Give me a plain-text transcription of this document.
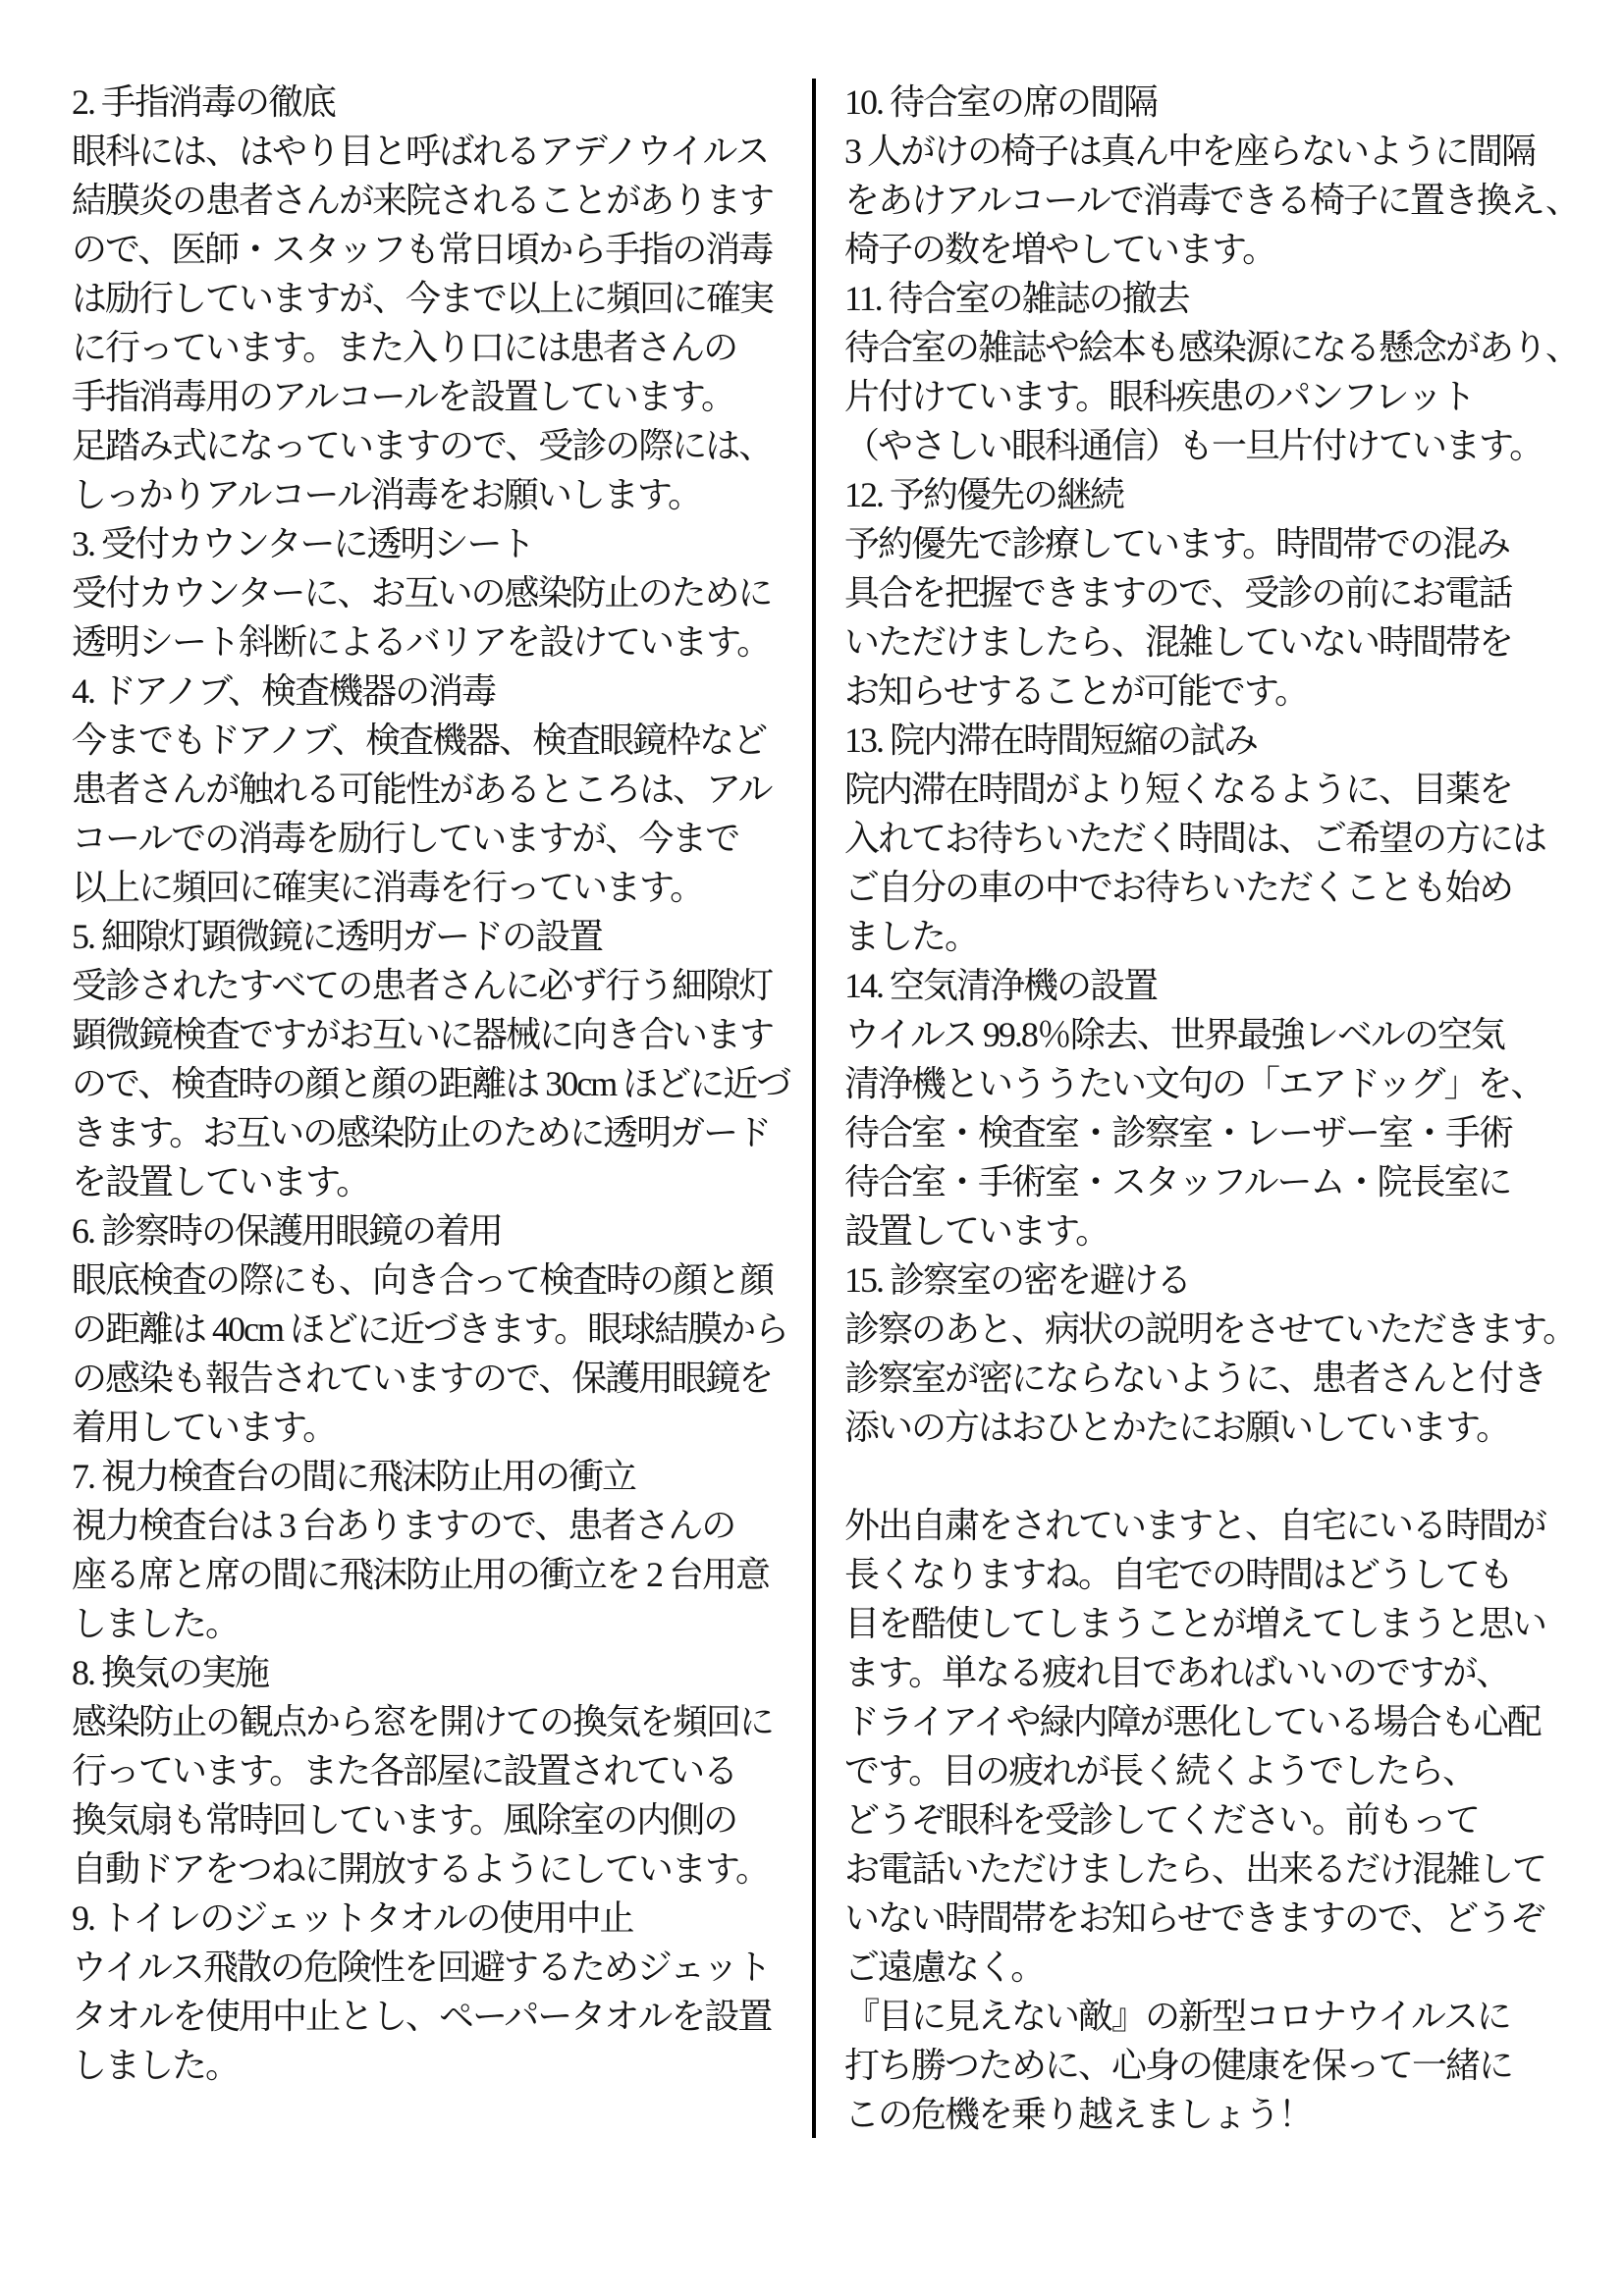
2. 手指消毒の徹底
眼科には、はやり目と呼ばれるアデノウイルス
結膜炎の患者さんが来院されることがあります
ので、医師・スタッフも常日頃から手指の消毒
は励行していますが、今まで以上に頻回に確実
に行っています。また入り口には患者さんの
手指消毒用のアルコールを設置しています。
足踏み式になっていますので、受診の際には、
しっかりアルコール消毒をお願いします。
3. 受付カウンターに透明シート
受付カウンターに、お互いの感染防止のために
透明シート斜断によるバリアを設けています。
4. ドアノブ、検査機器の消毒
今までもドアノブ、検査機器、検査眼鏡枠など
患者さんが触れる可能性があるところは、アル
コールでの消毒を励行していますが、今まで
以上に頻回に確実に消毒を行っています。
5. 細隙灯顕微鏡に透明ガードの設置
受診されたすべての患者さんに必ず行う細隙灯
顕微鏡検査ですがお互いに器械に向き合います
ので、検査時の顔と顔の距離は 30cm ほどに近づ
きます。お互いの感染防止のために透明ガード
を設置しています。
6. 診察時の保護用眼鏡の着用
眼底検査の際にも、向き合って検査時の顔と顔
の距離は 40cm ほどに近づきます。眼球結膜から
の感染も報告されていますので、保護用眼鏡を
着用しています。
7. 視力検査台の間に飛沫防止用の衝立
視力検査台は 3 台ありますので、患者さんの
座る席と席の間に飛沫防止用の衝立を 2 台用意
しました。
8. 換気の実施
感染防止の観点から窓を開けての換気を頻回に
行っています。また各部屋に設置されている
換気扇も常時回しています。風除室の内側の
自動ドアをつねに開放するようにしています。
9. トイレのジェットタオルの使用中止
ウイルス飛散の危険性を回避するためジェット
タオルを使用中止とし、ペーパータオルを設置
しました。
10. 待合室の席の間隔
3 人がけの椅子は真ん中を座らないように間隔
をあけアルコールで消毒できる椅子に置き換え、
椅子の数を増やしています。
11. 待合室の雑誌の撤去
待合室の雑誌や絵本も感染源になる懸念があり、
片付けています。眼科疾患のパンフレット
（やさしい眼科通信）も一旦片付けています。
12. 予約優先の継続
予約優先で診療しています。時間帯での混み
具合を把握できますので、受診の前にお電話
いただけましたら、混雑していない時間帯を
お知らせすることが可能です。
13. 院内滞在時間短縮の試み
院内滞在時間がより短くなるように、目薬を
入れてお待ちいただく時間は、ご希望の方には
ご自分の車の中でお待ちいただくことも始め
ました。
14. 空気清浄機の設置
ウイルス 99.8％除去、世界最強レベルの空気
清浄機といううたい文句の「エアドッグ」を、
待合室・検査室・診察室・レーザー室・手術
待合室・手術室・スタッフルーム・院長室に
設置しています。
15. 診察室の密を避ける
診察のあと、病状の説明をさせていただきます。
診察室が密にならないように、患者さんと付き
添いの方はおひとかたにお願いしています。
外出自粛をされていますと、自宅にいる時間が
長くなりますね。自宅での時間はどうしても
目を酷使してしまうことが増えてしまうと思い
ます。単なる疲れ目であればいいのですが、
ドライアイや緑内障が悪化している場合も心配
です。目の疲れが長く続くようでしたら、
どうぞ眼科を受診してください。前もって
お電話いただけましたら、出来るだけ混雑して
いない時間帯をお知らせできますので、どうぞ
ご遠慮なく。
『目に見えない敵』の新型コロナウイルスに
打ち勝つために、心身の健康を保って一緒に
この危機を乗り越えましょう！
